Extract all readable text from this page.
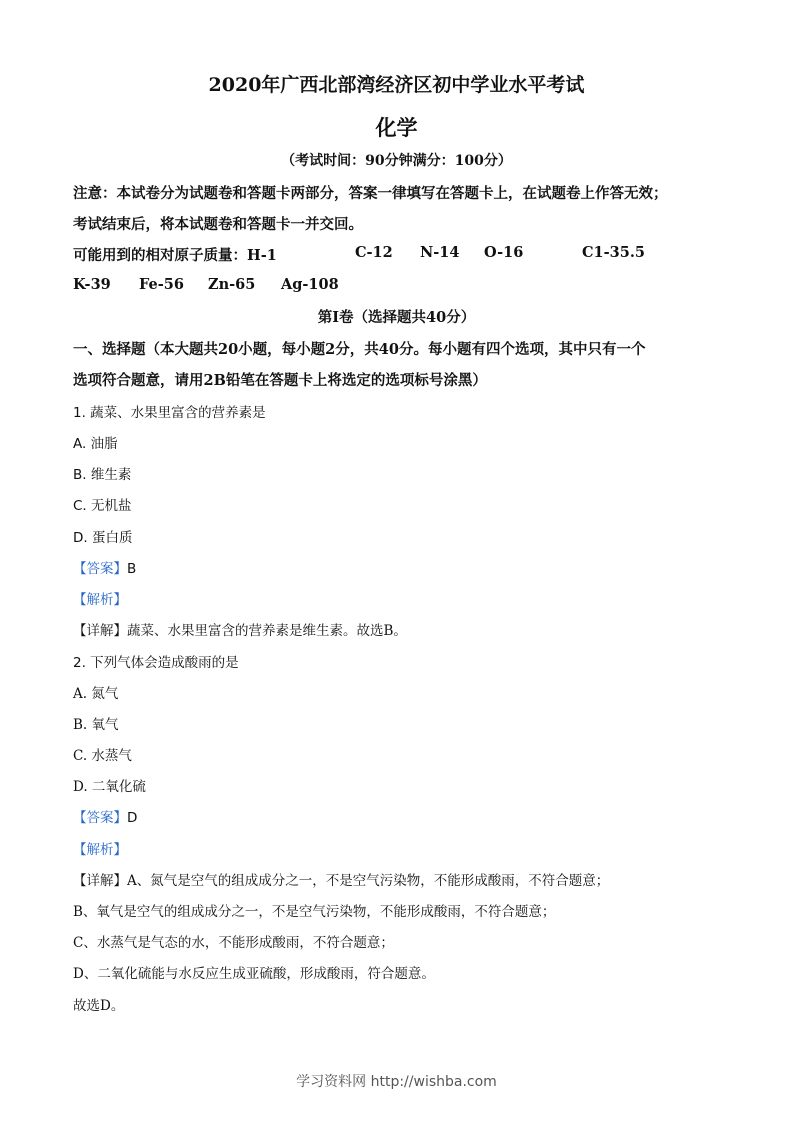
2020年广西北部湾经济区初中学业水平考试
化学
（考试时间：90分钟满分：100分）
注意：本试卷分为试题卷和答题卡两部分，答案一律填写在答题卡上，在试题卷上作答无效；
考试结束后，将本试题卷和答题卡一并交回。
可能用到的相对原子质量：H-1	C-12 N-14 O-16	C1-35.5
K-39 Fe-56 Zn-65 Ag-108
第I卷（选择题共40分）
一、选择题（本大题共20小题，每小题2分，共40分。每小题有四个选项，其中只有一个
选项符合题意，请用2B铅笔在答题卡上将选定的选项标号涂黑）
1. 蔬菜、水果里富含的营养素是
A. 油脂
B. 维生素
C. 无机盐
D. 蛋白质
【答案】B
【解析】
【详解】蔬菜、水果里富含的营养素是维生素。故选B。
2. 下列气体会造成酸雨的是
A. 氮气
B. 氧气
C. 水蒸气
D. 二氧化硫
【答案】D
【解析】
【详解】A、氮气是空气的组成成分之一，不是空气污染物，不能形成酸雨，不符合题意；
B、氧气是空气的组成成分之一，不是空气污染物，不能形成酸雨，不符合题意；
C、水蒸气是气态的水，不能形成酸雨，不符合题意；
D、二氧化硫能与水反应生成亚硫酸，形成酸雨，符合题意。
故选D。
学习资料网 http://wishba.com
